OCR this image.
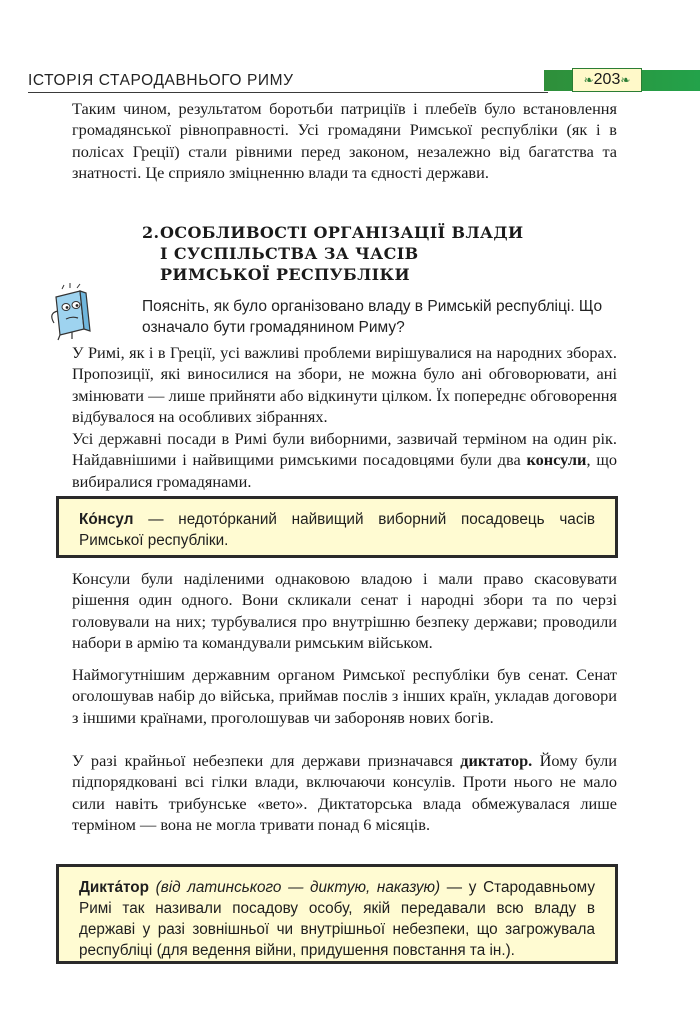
ІСТОРІЯ СТАРОДАВНЬОГО РИМУ	❧203❧

Таким чином, результатом боротьби патриціїв і плебеїв було встановлення громадянської рівноправності. Усі громадяни Римської республіки (як і в полісах Греції) стали рівними перед законом, незалежно від багатства та знатності. Це сприяло зміцненню влади та єдності держави.

2.ОСОБЛИВОСТІ ОРГАНІЗАЦІЇ ВЛАДИ
І СУСПІЛЬСТВА ЗА ЧАСІВ
РИМСЬКОЇ РЕСПУБЛІКИ
Поясніть, як було організовано владу в Римській республіці. Що означало бути громадянином Риму?

У Римі, як і в Греції, усі важливі проблеми вирішувалися на народних зборах. Пропозиції, які виносилися на збори, не можна було ані обговорювати, ані змінювати — лише прийняти або відкинути цілком. Їх попереднє обговорення відбувалося на особливих зібраннях.

Усі державні посади в Римі були виборними, зазвичай терміном на один рік. Найдавнішими і найвищими римськими посадовцями були два консули, що вибиралися громадянами.

Ко́нсул — недото́рканий найвищий виборний посадовець часів Римської республіки.

Консули були наділеними однаковою владою і мали право скасовувати рішення один одного. Вони скликали сенат і народні збори та по черзі головували на них; турбувалися про внутрішню безпеку держави; проводили набори в армію та командували римським військом.

Наймогутнішим державним органом Римської республіки був сенат. Сенат оголошував набір до війська, приймав послів з інших країн, укладав договори з іншими країнами, проголошував чи забороняв нових богів.

У разі крайньої небезпеки для держави призначався диктатор. Йому були підпорядковані всі гілки влади, включаючи консулів. Проти нього не мало сили навіть трибунське «вето». Диктаторська влада обмежувалася лише терміном — вона не могла тривати понад 6 місяців.

Дикта́тор (від латинського — диктую, наказую) — у Стародавньому Римі так називали посадову особу, якій передавали всю владу в державі у разі зовнішньої чи внутрішньої небезпеки, що загрожувала республіці (для ведення війни, придушення повстання та ін.).
